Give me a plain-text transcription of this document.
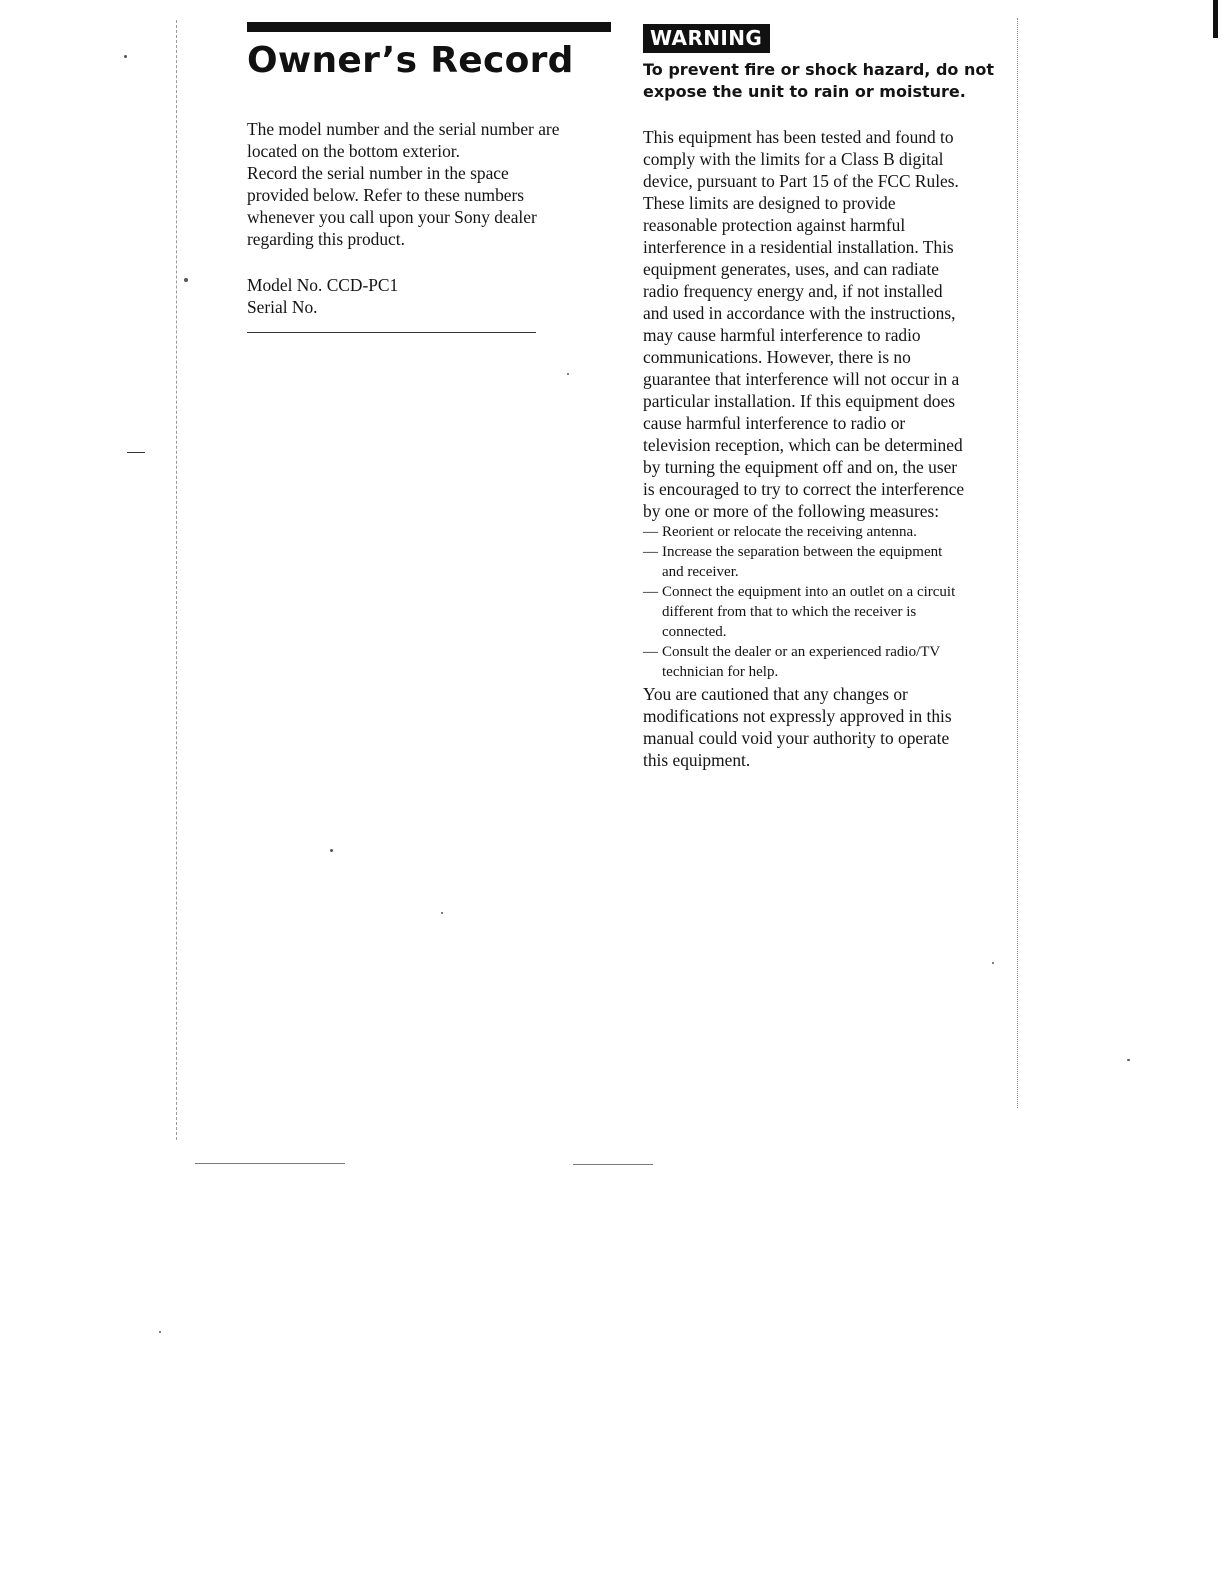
Owner’s Record

The model number and the serial number are
located on the bottom exterior.
Record the serial number in the space
provided below. Refer to these numbers
whenever you call upon your Sony dealer
regarding this product.

Model No. CCD-PC1
Serial No.
WARNING

To prevent fire or shock hazard, do not
expose the unit to rain or moisture.

This equipment has been tested and found to
comply with the limits for a Class B digital
device, pursuant to Part 15 of the FCC Rules.
These limits are designed to provide
reasonable protection against harmful
interference in a residential installation. This
equipment generates, uses, and can radiate
radio frequency energy and, if not installed
and used in accordance with the instructions,
may cause harmful interference to radio
communications. However, there is no
guarantee that interference will not occur in a
particular installation. If this equipment does
cause harmful interference to radio or
television reception, which can be determined
by turning the equipment off and on, the user
is encouraged to try to correct the interference
by one or more of the following measures:
— Reorient or relocate the receiving antenna.
— Increase the separation between the equipment
and receiver.
— Connect the equipment into an outlet on a circuit
different from that to which the receiver is
connected.
— Consult the dealer or an experienced radio/TV
technician for help.
You are cautioned that any changes or
modifications not expressly approved in this
manual could void your authority to operate
this equipment.
